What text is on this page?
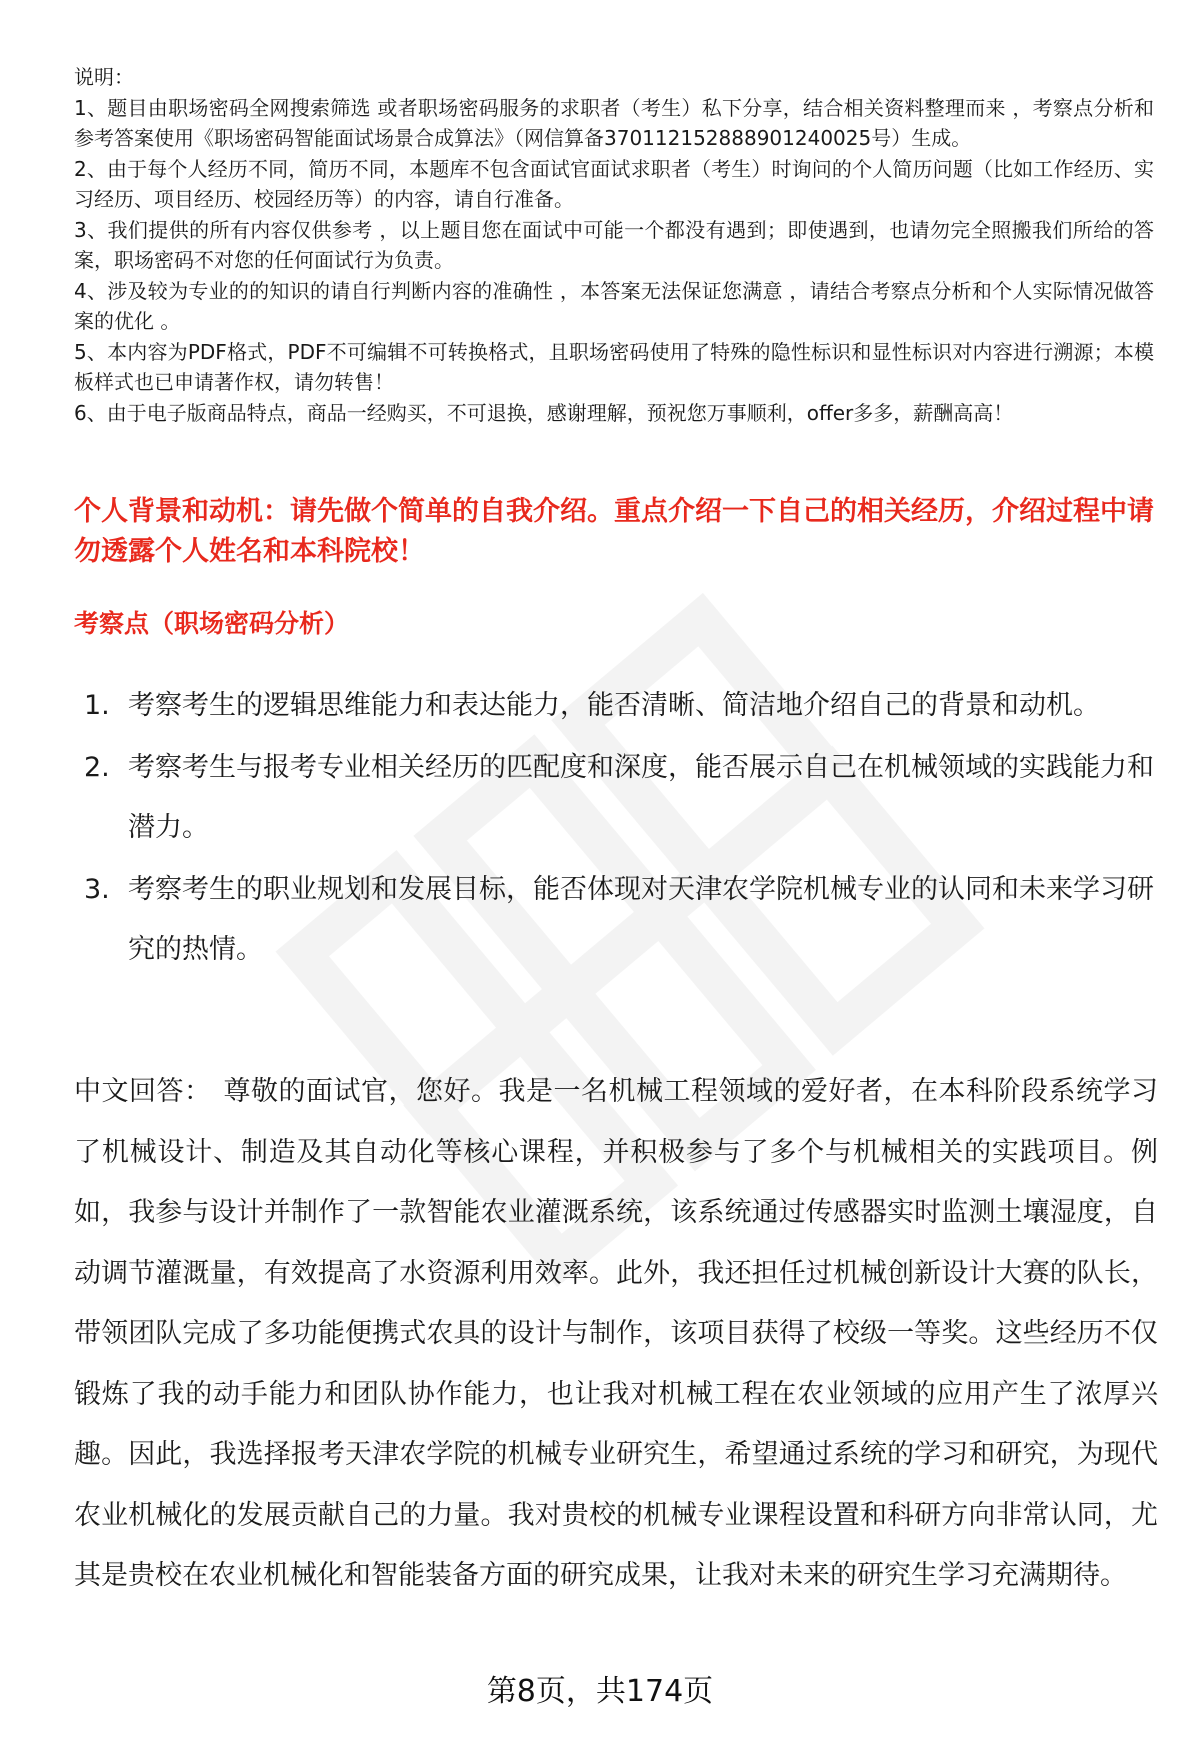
说明：

1、题目由职场密码全网搜索筛选 或者职场密码服务的求职者（考生）私下分享，结合相关资料整理而来 ，考察点分析和参考答案使用《职场密码智能面试场景合成算法》（网信算备370112152888901240025号）生成。

2、由于每个人经历不同，简历不同，本题库不包含面试官面试求职者（考生）时询问的个人简历问题（比如工作经历、实习经历、项目经历、校园经历等）的内容，请自行准备。

3、我们提供的所有内容仅供参考 ，以上题目您在面试中可能一个都没有遇到；即使遇到，也请勿完全照搬我们所给的答案，职场密码不对您的任何面试行为负责。

4、涉及较为专业的的知识的请自行判断内容的准确性 ，本答案无法保证您满意 ，请结合考察点分析和个人实际情况做答案的优化 。

5、本内容为PDF格式，PDF不可编辑不可转换格式，且职场密码使用了特殊的隐性标识和显性标识对内容进行溯源；本模板样式也已申请著作权，请勿转售！

6、由于电子版商品特点，商品一经购买，不可退换，感谢理解，预祝您万事顺利，offer多多，薪酬高高！

个人背景和动机：请先做个简单的自我介绍。重点介绍一下自己的相关经历，介绍过程中请勿透露个人姓名和本科院校！
考察点（职场密码分析）
1. 考察考生的逻辑思维能力和表达能力，能否清晰、简洁地介绍自己的背景和动机。
2. 考察考生与报考专业相关经历的匹配度和深度，能否展示自己在机械领域的实践能力和潜力。
3. 考察考生的职业规划和发展目标，能否体现对天津农学院机械专业的认同和未来学习研究的热情。

中文回答： 尊敬的面试官，您好。我是一名机械工程领域的爱好者，在本科阶段系统学习了机械设计、制造及其自动化等核心课程，并积极参与了多个与机械相关的实践项目。例如，我参与设计并制作了一款智能农业灌溉系统，该系统通过传感器实时监测土壤湿度，自动调节灌溉量，有效提高了水资源利用效率。此外，我还担任过机械创新设计大赛的队长，带领团队完成了多功能便携式农具的设计与制作，该项目获得了校级一等奖。这些经历不仅锻炼了我的动手能力和团队协作能力，也让我对机械工程在农业领域的应用产生了浓厚兴趣。因此，我选择报考天津农学院的机械专业研究生，希望通过系统的学习和研究，为现代农业机械化的发展贡献自己的力量。我对贵校的机械专业课程设置和科研方向非常认同，尤其是贵校在农业机械化和智能装备方面的研究成果，让我对未来的研究生学习充满期待。

第8页，共174页
